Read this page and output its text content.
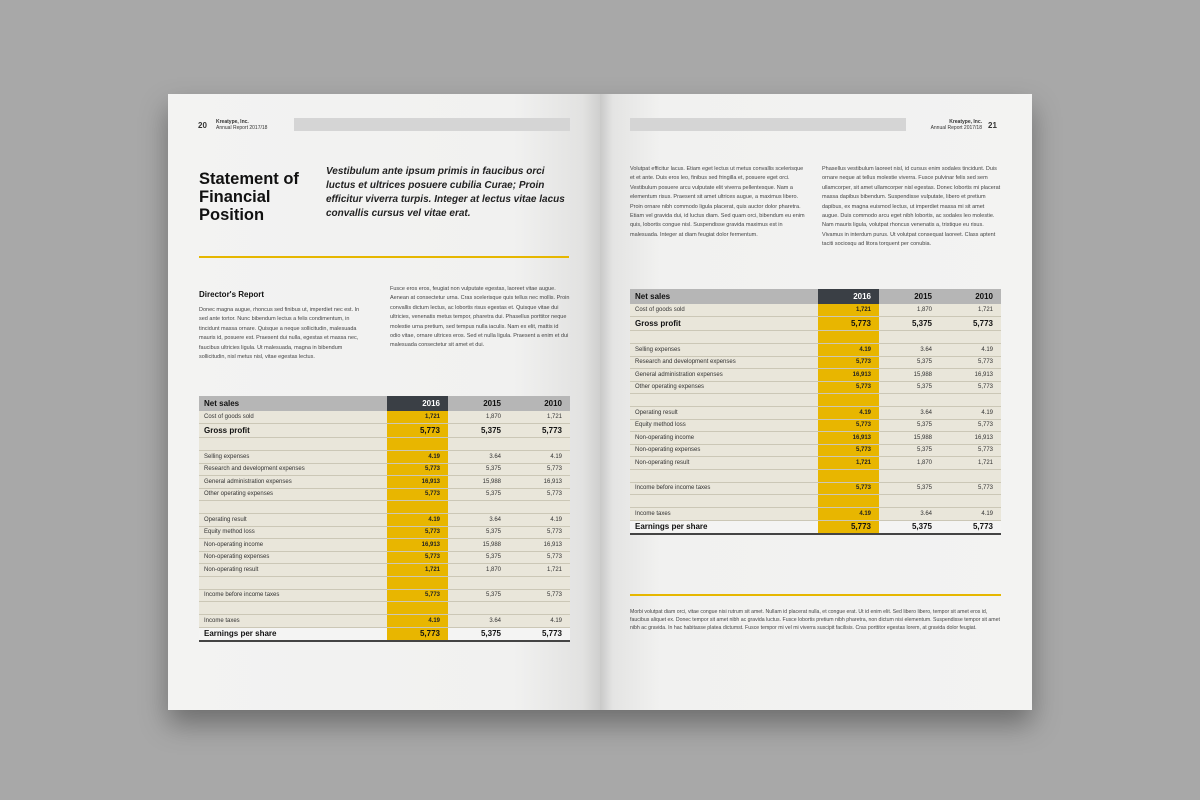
20 Kreatype, Inc.
Annual Report 2017/18
Statement of Financial Position
Vestibulum ante ipsum primis in faucibus orci luctus et ultrices posuere cubilia Curae; Proin efficitur viverra turpis. Integer at lectus vitae lacus convallis cursus vel vitae erat.
Director's Report
Donec magna augue, rhoncus sed finibus ut, imperdiet nec est. In sed ante tortor. Nunc bibendum lectus a felis condimentum, in tincidunt massa ornare. Quisque a neque sollicitudin, malesuada mauris id, posuere est. Praesent dui nulla, egestas et massa nec, faucibus ultricies ligula. Ut malesuada, magna in bibendum sollicitudin, nisl metus nisl, vitae egestas lectus.
Fusce eros eros, feugiat non vulputate egestas, laoreet vitae augue. Aenean at consectetur urna. Cras scelerisque quis tellus nec mollis. Proin convallis dictum lectus, ac lobortis risus egestas et. Quisque vitae dui ultricies, venenatis metus tempor, pharetra dui. Phasellus porttitor neque molestie urna pretium, sed tempus nulla iaculis. Nam ex elit, mattis id odio vitae, ornare ultrices eros. Sed et nulla ligula. Praesent a enim et dui malesuada consectetur sit amet et dui.
Net sales	2016	2015	2010
Cost of goods sold	1,721	1,870	1,721
Gross profit	5,773	5,375	5,773

Selling expenses	4.19	3.64	4.19
Research and development expenses	5,773	5,375	5,773
General administration expenses	16,913	15,988	16,913
Other operating expenses	5,773	5,375	5,773

Operating result	4.19	3.64	4.19
Equity method loss	5,773	5,375	5,773
Non-operating income	16,913	15,988	16,913
Non-operating expenses	5,773	5,375	5,773
Non-operating result	1,721	1,870	1,721

Income before income taxes	5,773	5,375	5,773

Income taxes	4.19	3.64	4.19
Earnings per share	5,773	5,375	5,773
Kreatype, Inc.
Annual Report 2017/18 21
Volutpat efficitur lacus. Etiam eget lectus ut metus convallis scelerisque et et ante. Duis eros leo, finibus sed fringilla et, posuere eget orci. Vestibulum posuere arcu vulputate elit viverra pellentesque. Nam a elementum risus. Praesent sit amet ultrices augue, a maximus libero. Proin ornare nibh commodo ligula placerat, quis auctor dolor pharetra. Etiam vel gravida dui, id luctus diam. Sed quam orci, bibendum eu enim quis, lobortis congue nisl. Suspendisse gravida maximus est in malesuada. Integer at diam feugiat dolor fermentum.
Phasellus vestibulum laoreet nisl, id cursus enim sodales tincidunt. Duis ornare neque at tellus molestie viverra. Fusce pulvinar felis sed sem ullamcorper, sit amet ullamcorper nisl egestas. Donec lobortis mi placerat massa dapibus bibendum. Suspendisse vulputate, libero et pretium dapibus, ex magna euismod lectus, ut imperdiet massa mi sit amet augue. Duis commodo arcu eget nibh lobortis, ac sodales leo molestie. Nam mauris ligula, volutpat rhoncus venenatis a, tristique eu risus. Vivamus in interdum purus. Ut volutpat consequat laoreet. Class aptent taciti sociosqu ad litora torquent per conubia.
Net sales	2016	2015	2010
Cost of goods sold	1,721	1,870	1,721
Gross profit	5,773	5,375	5,773

Selling expenses	4.19	3.64	4.19
Research and development expenses	5,773	5,375	5,773
General administration expenses	16,913	15,988	16,913
Other operating expenses	5,773	5,375	5,773

Operating result	4.19	3.64	4.19
Equity method loss	5,773	5,375	5,773
Non-operating income	16,913	15,988	16,913
Non-operating expenses	5,773	5,375	5,773
Non-operating result	1,721	1,870	1,721

Income before income taxes	5,773	5,375	5,773

Income taxes	4.19	3.64	4.19
Earnings per share	5,773	5,375	5,773
Morbi volutpat diam orci, vitae congue nisi rutrum sit amet. Nullam id placerat nulla, et congue erat. Ut id enim elit. Sed libero libero, tempor sit amet eros id, faucibus aliquet ex. Donec tempor sit amet nibh ac gravida luctus. Fusce lobortis pretium nibh pharetra, non dictum nisi elementum. Suspendisse tempor sit amet nibh ac gravida. In hac habitasse platea dictumst. Fusce tempor mi vel mi viverra suscipit facilisis. Cras porttitor egestas lorem, at gravida dolor feugiat.
